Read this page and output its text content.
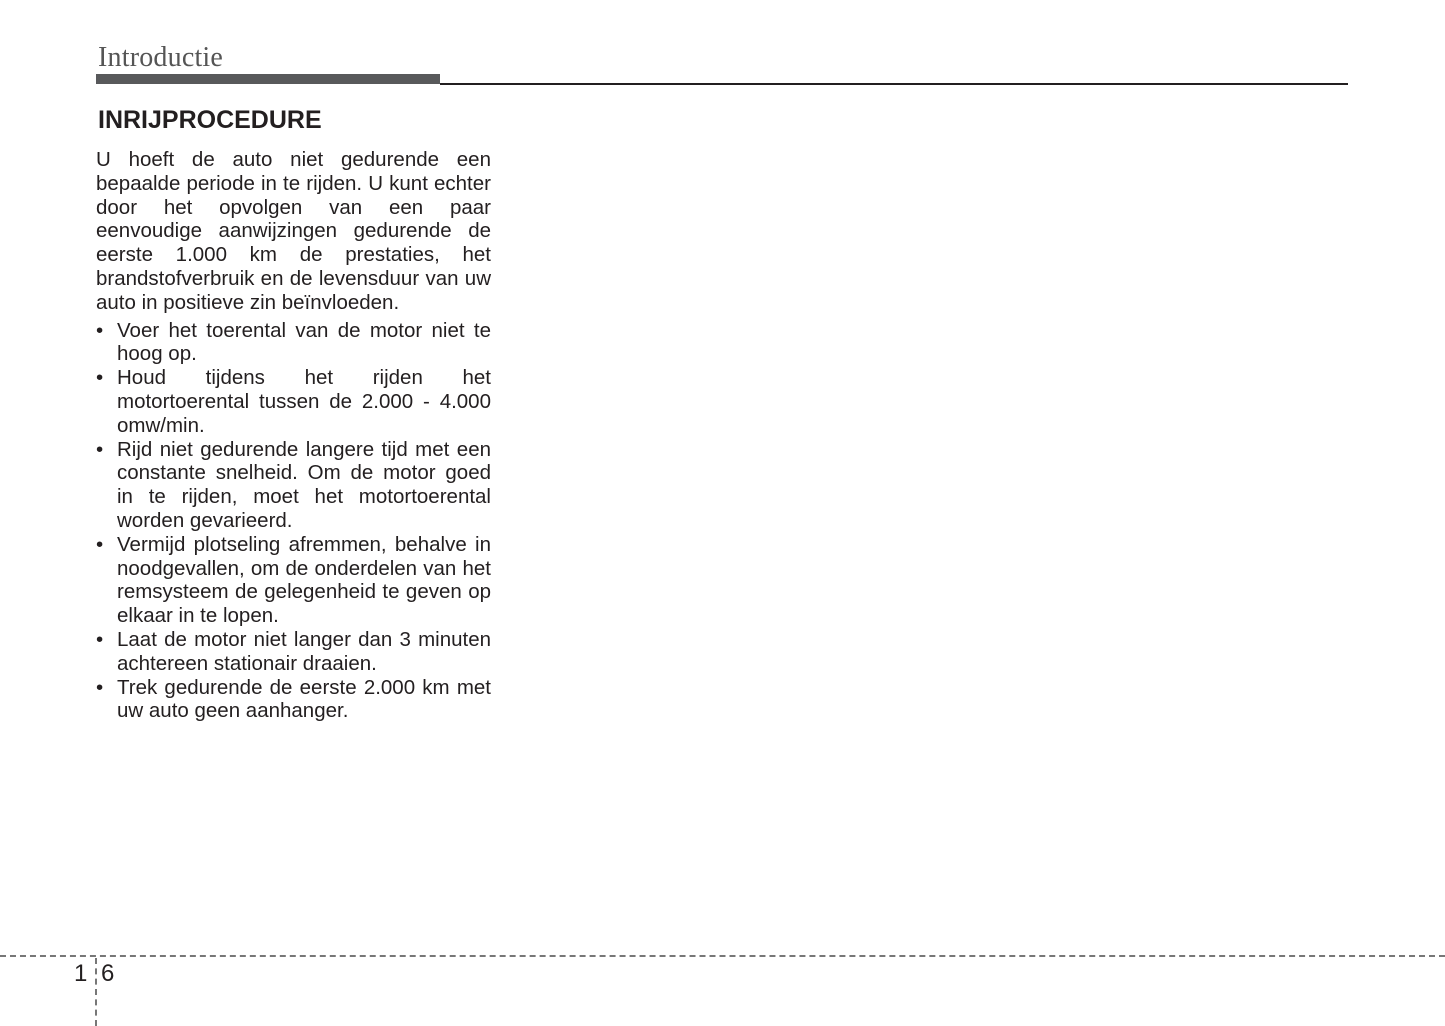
Introductie
INRIJPROCEDURE

U hoeft de auto niet gedurende een bepaalde periode in te rijden. U kunt echter door het opvolgen van een paar eenvoudige aanwijzingen gedurende de eerste 1.000 km de prestaties, het brandstofverbruik en de levensduur van uw auto in positieve zin beïnvloeden.

• Voer het toerental van de motor niet te hoog op.
• Houd tijdens het rijden het motortoerental tussen de 2.000 - 4.000 omw/min.
• Rijd niet gedurende langere tijd met een constante snelheid. Om de motor goed in te rijden, moet het motortoerental worden gevarieerd.
• Vermijd plotseling afremmen, behalve in noodgevallen, om de onderdelen van het remsysteem de gelegenheid te geven op elkaar in te lopen.
• Laat de motor niet langer dan 3 minuten achtereen stationair draaien.
• Trek gedurende de eerste 2.000 km met uw auto geen aanhanger.
1 6
